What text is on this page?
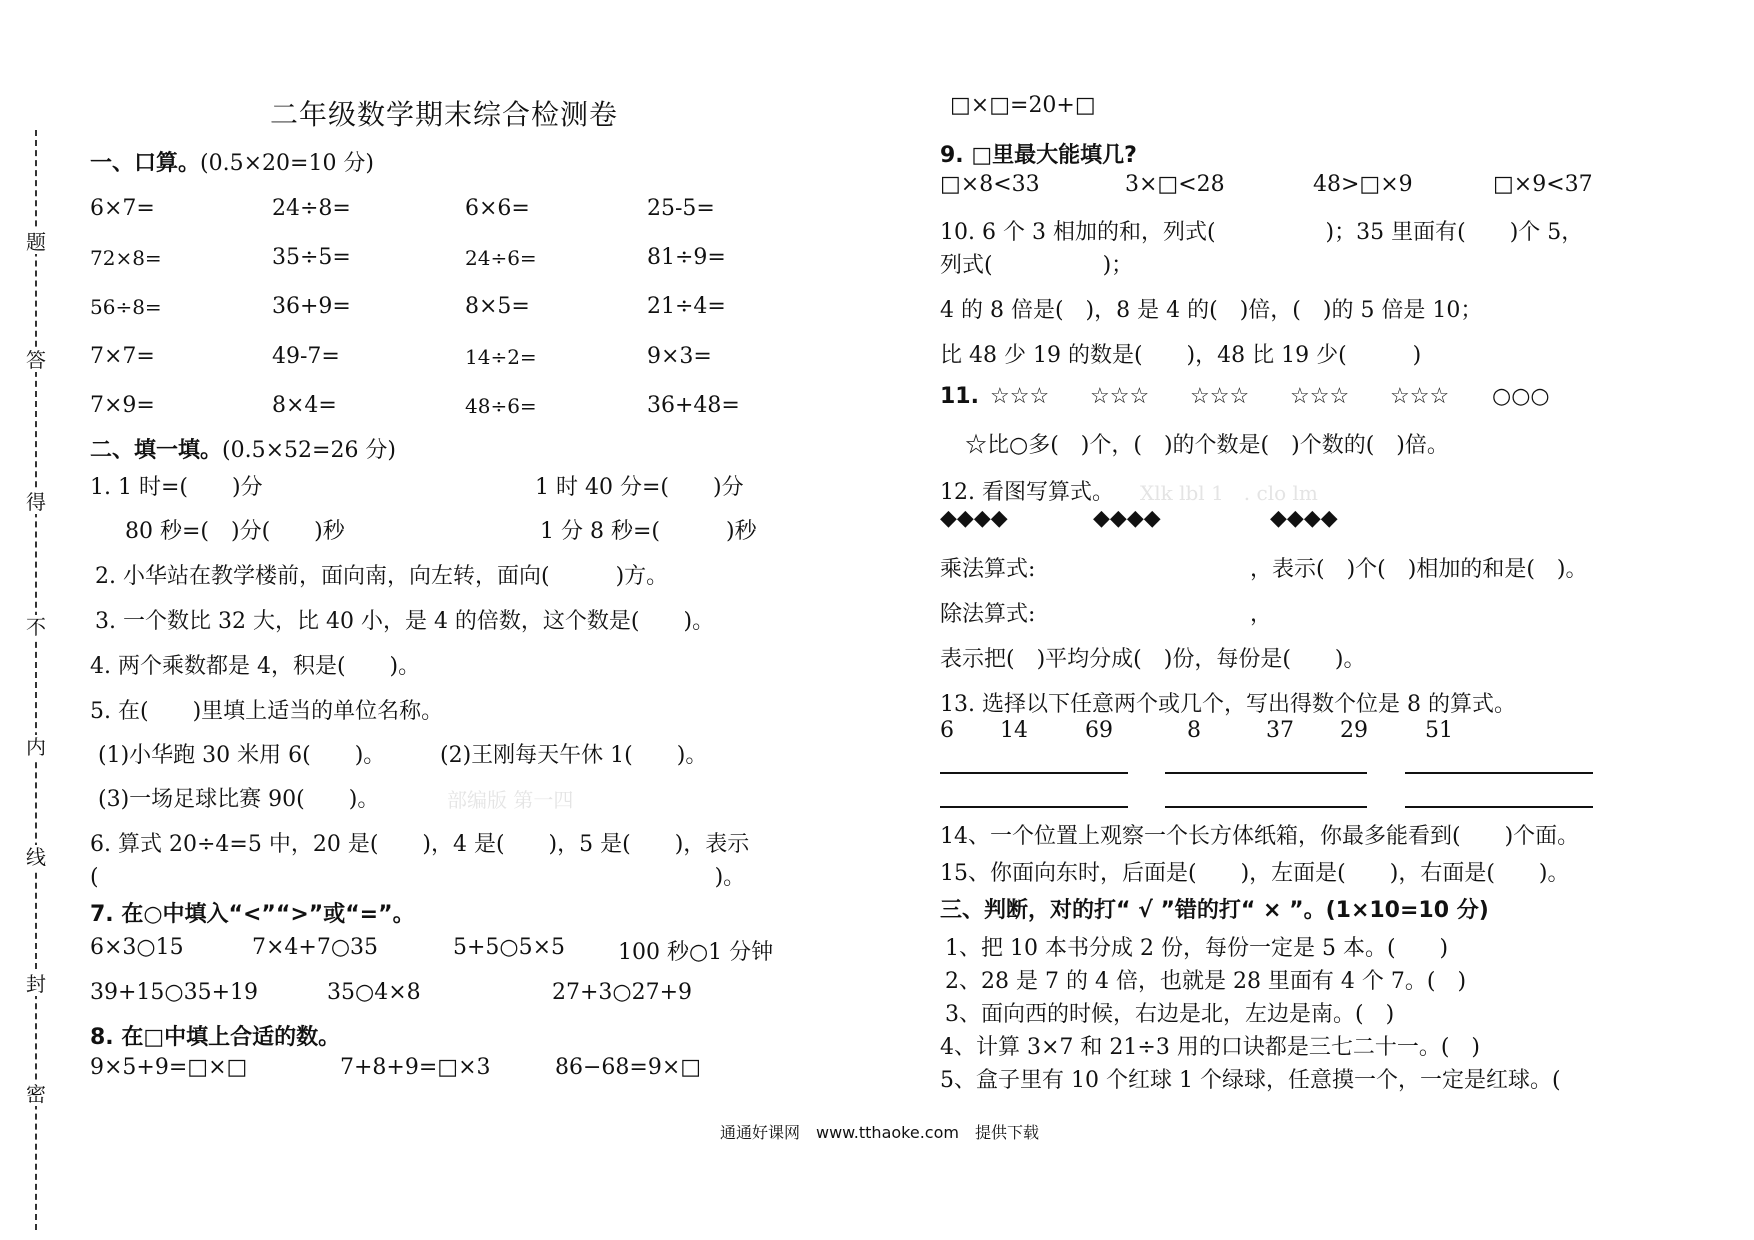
题
答
得
不
内
线
封
密
二年级数学期末综合检测卷
一、口算。(0.5×20=10 分)
6×7=	24÷8=	6×6=	25-5=
72×8=	35÷5=	24÷6=	81÷9=
56÷8=	36+9=	8×5=	21÷4=
7×7=	49-7=	14÷2=	9×3=
7×9=	8×4=	48÷6=	36+48=
二、填一填。(0.5×52=26 分)
1. 1 时=(　　)分	1 时 40 分=(　　)分
80 秒=(　)分(　　)秒	1 分 8 秒=(　　　)秒
2. 小华站在教学楼前，面向南，向左转，面向(　　　)方。
3. 一个数比 32 大，比 40 小，是 4 的倍数，这个数是(　　)。
4. 两个乘数都是 4，积是(　　)。
5. 在(　　)里填上适当的单位名称。
(1)小华跑 30 米用 6(　　)。 (2)王刚每天午休 1(　　)。
(3)一场足球比赛 90(　　)。	部编版 第一四
6. 算式 20÷4=5 中，20 是(　　)，4 是(　　)，5 是(　　)，表示
(　　　　　　　　　　　　　　　　　　　　　　　　　　　　)。
7. 在○中填入“<”“>”或“=”。
6×3○15	7×4+7○35	5+5○5×5 100 秒○1 分钟
39+15○35+19	35○4×8	27+3○27+9
8. 在□中填上合适的数。
9×5+9=□×□	7+8+9=□×3	86−68=9×□
□×□=20+□
9. □里最大能填几?
□×8<33	3×□<28	48>□×9	□×9<37
10. 6 个 3 相加的和，列式(　　　　　)；35 里面有(　　)个 5，
列式(　　　　　)；
4 的 8 倍是(　)，8 是 4 的(　)倍，(　)的 5 倍是 10；
比 48 少 19 的数是(　　)，48 比 19 少(　　　)
11. ☆☆☆ ☆☆☆ ☆☆☆ ☆☆☆ ☆☆☆ ○○○
☆比○多(　)个，(　)的个数是(　)个数的(　)倍。
12. 看图写算式。 Xlk lbl 1　. clo lm
◆◆◆◆	◆◆◆◆	◆◆◆◆
乘法算式:	，表示(　)个(　)相加的和是(　)。
除法算式:	，
表示把(　)平均分成(　)份，每份是(　　)。
13. 选择以下任意两个或几个，写出得数个位是 8 的算式。
6 14	69	8	37 29	51
14、一个位置上观察一个长方体纸箱，你最多能看到(　　)个面。
15、你面向东时，后面是(　　)，左面是(　　)，右面是(　　)。
三、判断，对的打“ √ ”错的打“ × ”。(1×10=10 分)
1、把 10 本书分成 2 份，每份一定是 5 本。(　　)
2、28 是 7 的 4 倍，也就是 28 里面有 4 个 7。(　)
3、面向西的时候，右边是北，左边是南。(　)
4、计算 3×7 和 21÷3 用的口诀都是三七二十一。(　)
5、盒子里有 10 个红球 1 个绿球，任意摸一个，一定是红球。(
通通好课网　www.tthaoke.com　提供下载
